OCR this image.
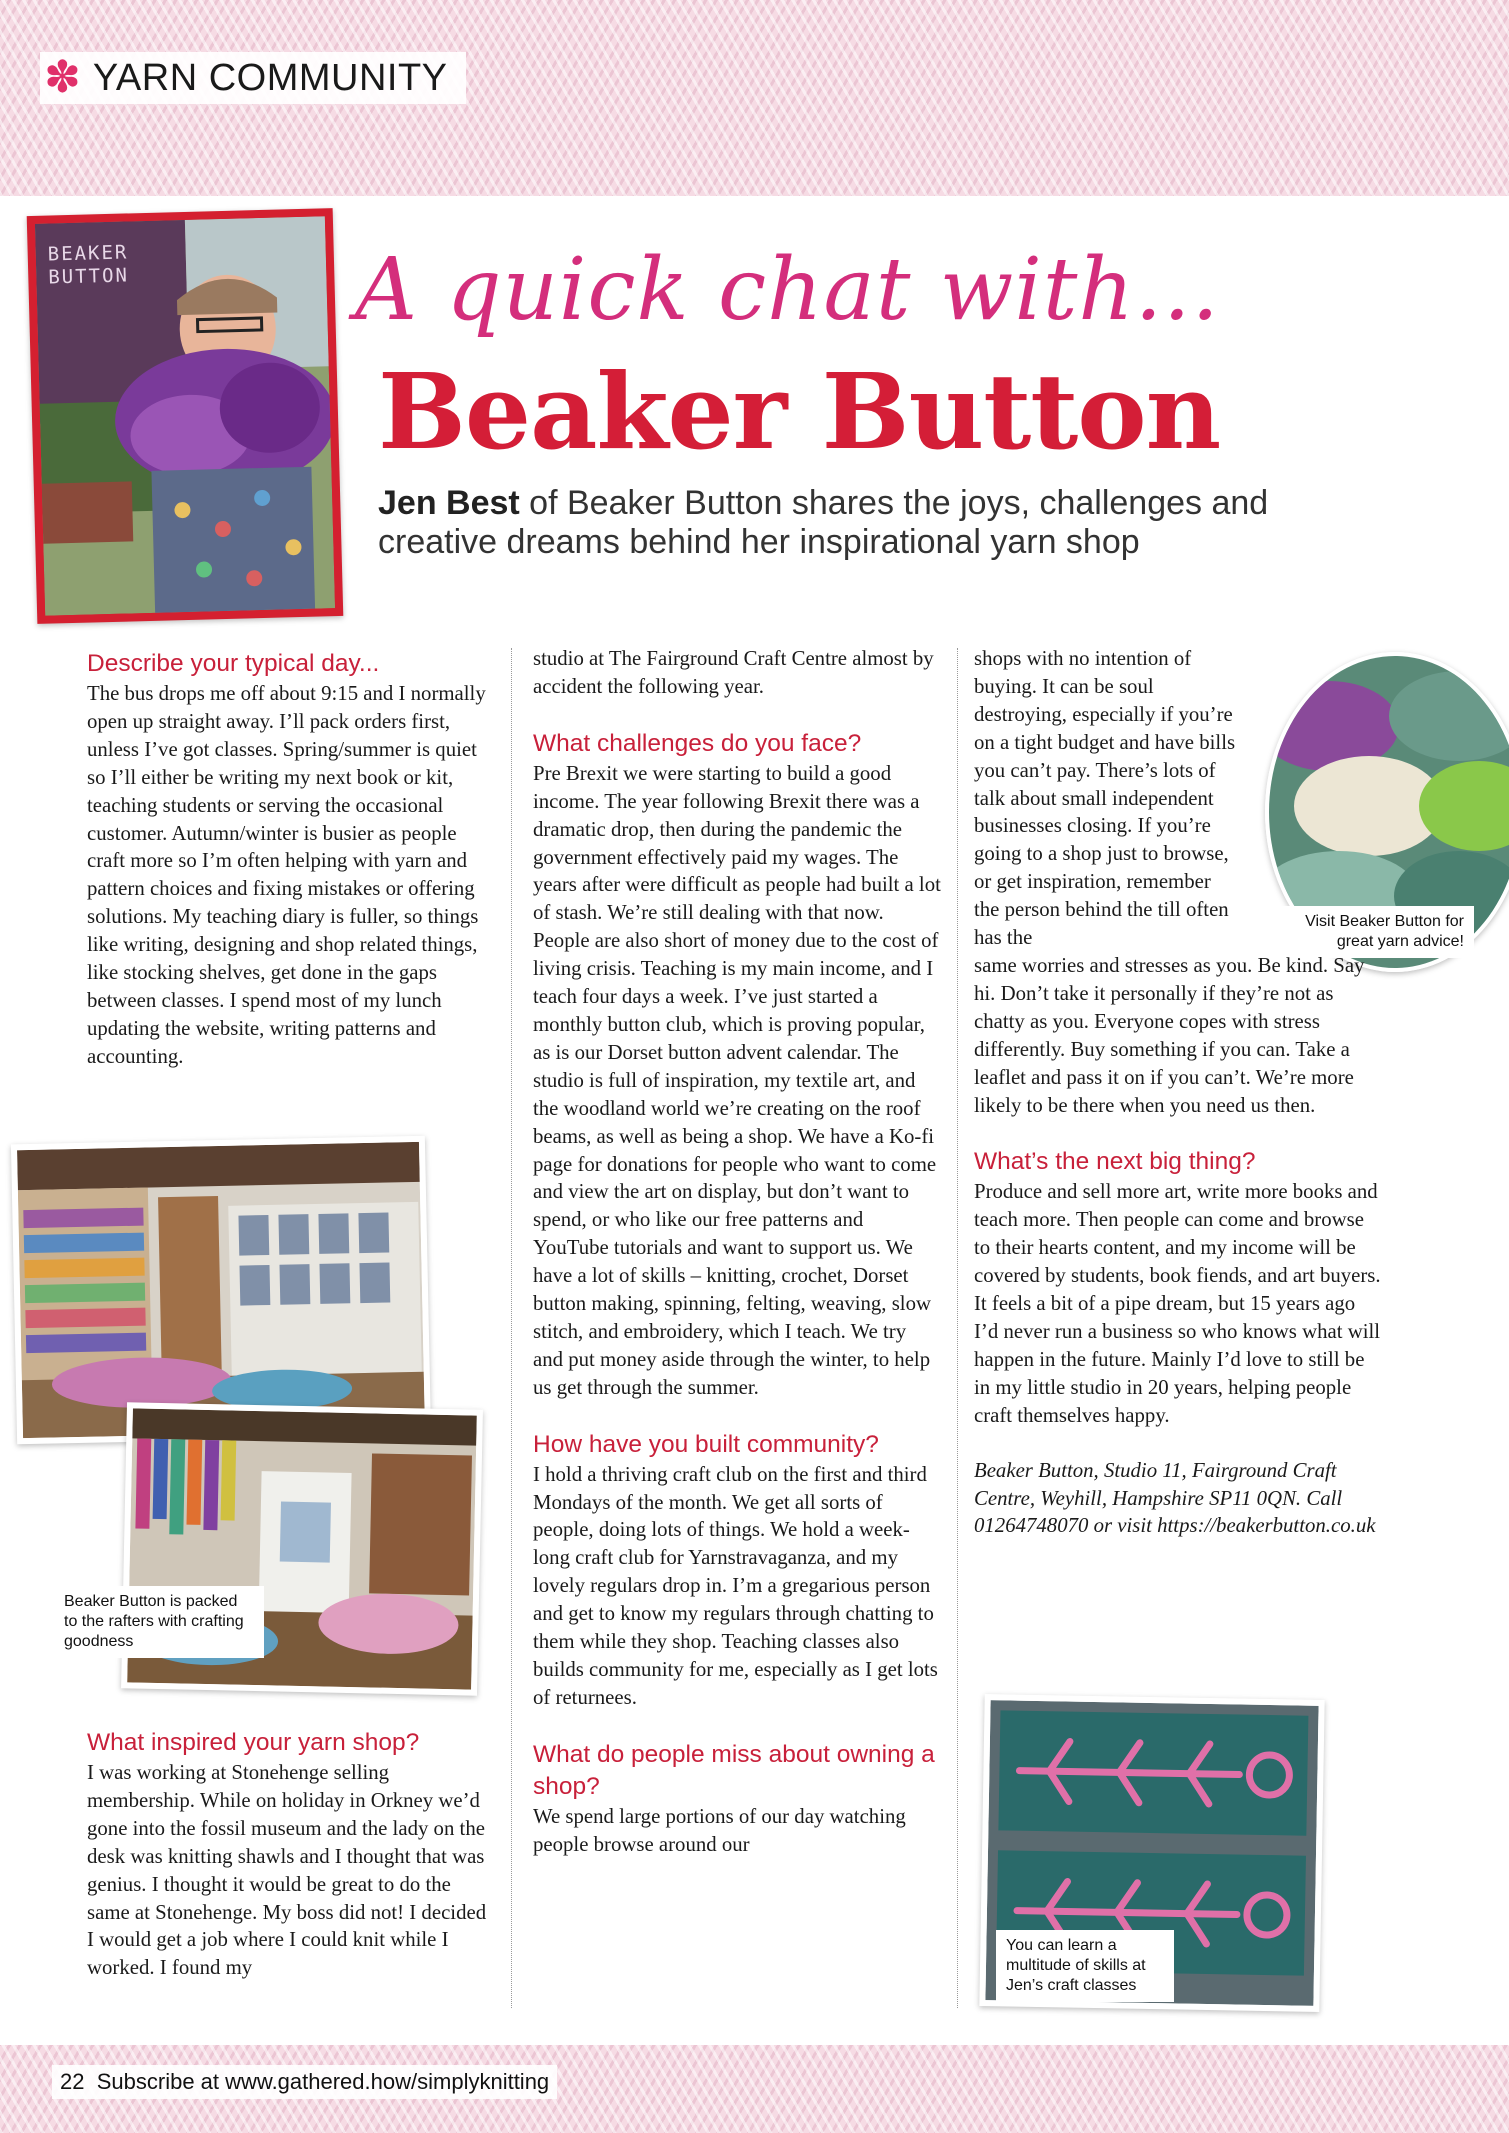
✽ YARN COMMUNITY
BEAKER BUTTON	A quick chat with...
Beaker Button
Jen Best of Beaker Button shares the joys, challenges and creative dreams behind her inspirational yarn shop
Describe your typical day...

The bus drops me off about 9:15 and I normally open up straight away. I’ll pack orders first, unless I’ve got classes. Spring/summer is quiet so I’ll either be writing my next book or kit, teaching students or serving the occasional customer. Autumn/winter is busier as people craft more so I’m often helping with yarn and pattern choices and fixing mistakes or offering solutions. My teaching diary is fuller, so things like writing, designing and shop related things, like stocking shelves, get done in the gaps between classes. I spend most of my lunch updating the website, writing patterns and accounting.

What inspired your yarn shop?

I was working at Stonehenge selling membership. While on holiday in Orkney we’d gone into the fossil museum and the lady on the desk was knitting shawls and I thought that was genius. I thought it would be great to do the same at Stonehenge. My boss did not! I decided I would get a job where I could knit while I worked. I found my

Beaker Button is packed to the rafters with crafting goodness

studio at The Fairground Craft Centre almost by accident the following year.

What challenges do you face?

Pre Brexit we were starting to build a good income. The year following Brexit there was a dramatic drop, then during the pandemic the government effectively paid my wages. The years after were difficult as people had built a lot of stash. We’re still dealing with that now. People are also short of money due to the cost of living crisis. Teaching is my main income, and I teach four days a week. I’ve just started a monthly button club, which is proving popular, as is our Dorset button advent calendar. The studio is full of inspiration, my textile art, and the woodland world we’re creating on the roof beams, as well as being a shop. We have a Ko-fi page for donations for people who want to come and view the art on display, but don’t want to spend, or who like our free patterns and YouTube tutorials and want to support us. We have a lot of skills – knitting, crochet, Dorset button making, spinning, felting, weaving, slow stitch, and embroidery, which I teach. We try and put money aside through the winter, to help us get through the summer.

How have you built community?

I hold a thriving craft club on the first and third Mondays of the month. We get all sorts of people, doing lots of things. We hold a week-long craft club for Yarnstravaganza, and my lovely regulars drop in. I’m a gregarious person and get to know my regulars through chatting to them while they shop. Teaching classes also builds community for me, especially as I get lots of returnees.

What do people miss about owning a shop?

We spend large portions of our day watching people browse around our

shops with no intention of buying. It can be soul destroying, especially if you’re on a tight budget and have bills you can’t pay. There’s lots of talk about small independent businesses closing. If you’re going to a shop just to browse, or get inspiration, remember the person behind the till often has the

Visit Beaker Button for great yarn advice!

same worries and stresses as you. Be kind. Say hi. Don’t take it personally if they’re not as chatty as you. Everyone copes with stress differently. Buy something if you can. Take a leaflet and pass it on if you can’t. We’re more likely to be there when you need us then.

What’s the next big thing?

Produce and sell more art, write more books and teach more. Then people can come and browse to their hearts content, and my income will be covered by students, book fiends, and art buyers. It feels a bit of a pipe dream, but 15 years ago I’d never run a business so who knows what will happen in the future. Mainly I’d love to still be in my little studio in 20 years, helping people craft themselves happy.

Beaker Button, Studio 11, Fairground Craft Centre, Weyhill, Hampshire SP11 0QN. Call 01264748070 or visit https://beakerbutton.co.uk

You can learn a multitude of skills at Jen’s craft classes
22 Subscribe at www.gathered.how/simplyknitting
